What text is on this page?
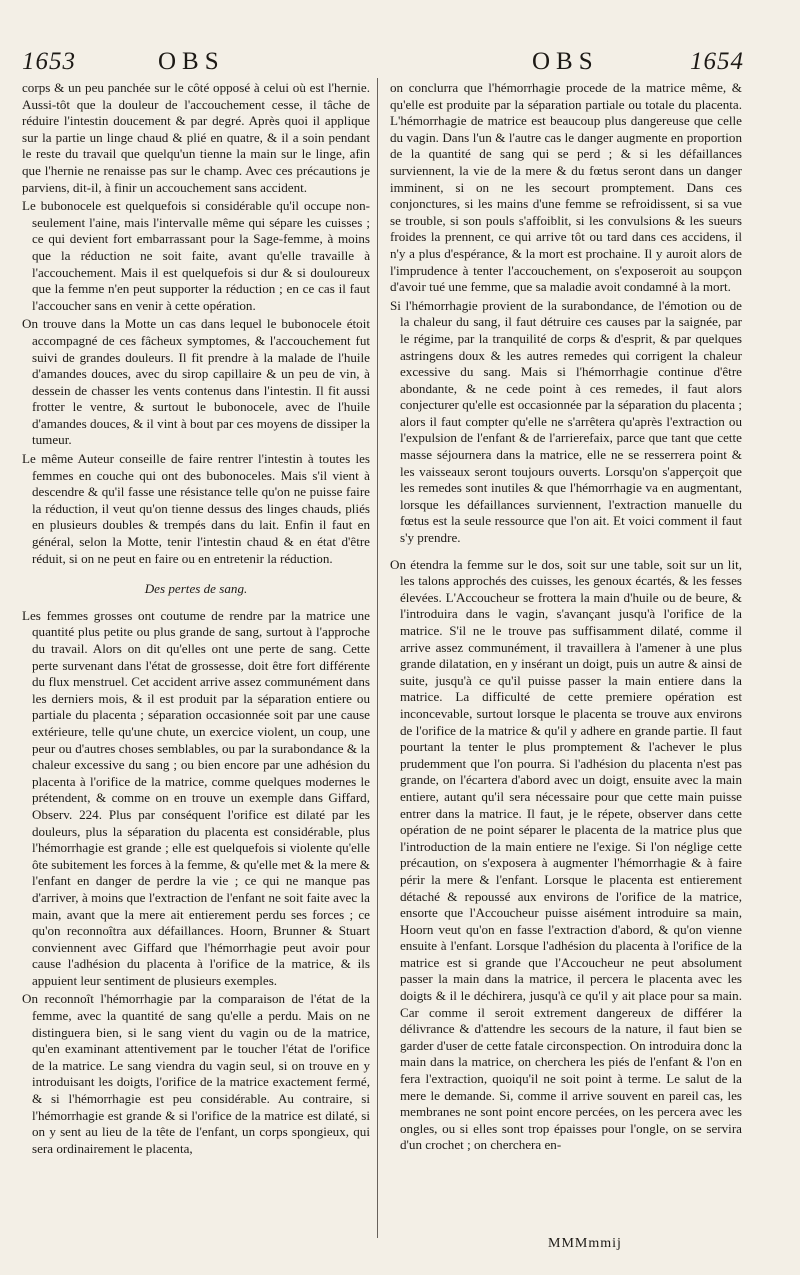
1653	OBS	OBS	1654

corps & un peu panchée sur le côté opposé à celui où est l'hernie. Aussi-tôt que la douleur de l'accouchement cesse, il tâche de réduire l'intestin doucement & par degré. Après quoi il applique sur la partie un linge chaud & plié en quatre, & il a soin pendant le reste du travail que quelqu'un tienne la main sur le linge, afin que l'hernie ne renaisse pas sur le champ. Avec ces précautions je parviens, dit-il, à finir un accouchement sans accident.

Le bubonocele est quelquefois si considérable qu'il occupe non-seulement l'aine, mais l'intervalle même qui sépare les cuisses ; ce qui devient fort embarrassant pour la Sage-femme, à moins que la réduction ne soit faite, avant qu'elle travaille à l'accouchement. Mais il est quelquefois si dur & si douloureux que la femme n'en peut supporter la réduction ; en ce cas il faut l'accoucher sans en venir à cette opération.

On trouve dans la Motte un cas dans lequel le bubonocele étoit accompagné de ces fâcheux symptomes, & l'accouchement fut suivi de grandes douleurs. Il fit prendre à la malade de l'huile d'amandes douces, avec du sirop capillaire & un peu de vin, à dessein de chasser les vents contenus dans l'intestin. Il fit aussi frotter le ventre, & surtout le bubonocele, avec de l'huile d'amandes douces, & il vint à bout par ces moyens de dissiper la tumeur.

Le même Auteur conseille de faire rentrer l'intestin à toutes les femmes en couche qui ont des bubonoceles. Mais s'il vient à descendre & qu'il fasse une résistance telle qu'on ne puisse faire la réduction, il veut qu'on tienne dessus des linges chauds, pliés en plusieurs doubles & trempés dans du lait. Enfin il faut en général, selon la Motte, tenir l'intestin chaud & en état d'être réduit, si on ne peut en faire ou en entretenir la réduction.

Des pertes de sang.

Les femmes grosses ont coutume de rendre par la matrice une quantité plus petite ou plus grande de sang, surtout à l'approche du travail. Alors on dit qu'elles ont une perte de sang. Cette perte survenant dans l'état de grossesse, doit être fort différente du flux menstruel. Cet accident arrive assez communément dans les derniers mois, & il est produit par la séparation entiere ou partiale du placenta ; séparation occasionnée soit par une cause extérieure, telle qu'une chute, un exercice violent, un coup, une peur ou d'autres choses semblables, ou par la surabondance & la chaleur excessive du sang ; ou bien encore par une adhésion du placenta à l'orifice de la matrice, comme quelques modernes le prétendent, & comme on en trouve un exemple dans Giffard, Observ. 224. Plus par conséquent l'orifice est dilaté par les douleurs, plus la séparation du placenta est considérable, plus l'hémorrhagie est grande ; elle est quelquefois si violente qu'elle ôte subitement les forces à la femme, & qu'elle met & la mere & l'enfant en danger de perdre la vie ; ce qui ne manque pas d'arriver, à moins que l'extraction de l'enfant ne soit faite avec la main, avant que la mere ait entierement perdu ses forces ; ce qu'on reconnoîtra aux défaillances. Hoorn, Brunner & Stuart conviennent avec Giffard que l'hémorrhagie peut avoir pour cause l'adhésion du placenta à l'orifice de la matrice, & ils appuient leur sentiment de plusieurs exemples.

On reconnoît l'hémorrhagie par la comparaison de l'état de la femme, avec la quantité de sang qu'elle a perdu. Mais on ne distinguera bien, si le sang vient du vagin ou de la matrice, qu'en examinant attentivement par le toucher l'état de l'orifice de la matrice. Le sang viendra du vagin seul, si on trouve en y introduisant les doigts, l'orifice de la matrice exactement fermé, & si l'hémorrhagie est peu considérable. Au contraire, si l'hémorrhagie est grande & si l'orifice de la matrice est dilaté, si on y sent au lieu de la tête de l'enfant, un corps spongieux, qui sera ordinairement le placenta,

on conclurra que l'hémorrhagie procede de la matrice même, & qu'elle est produite par la séparation partiale ou totale du placenta. L'hémorrhagie de matrice est beaucoup plus dangereuse que celle du vagin. Dans l'un & l'autre cas le danger augmente en proportion de la quantité de sang qui se perd ; & si les défaillances surviennent, la vie de la mere & du fœtus seront dans un danger imminent, si on ne les secourt promptement. Dans ces conjonctures, si les mains d'une femme se refroidissent, si sa vue se trouble, si son pouls s'affoiblit, si les convulsions & les sueurs froides la prennent, ce qui arrive tôt ou tard dans ces accidens, il n'y a plus d'espérance, & la mort est prochaine. Il y auroit alors de l'imprudence à tenter l'accouchement, on s'exposeroit au soupçon d'avoir tué une femme, que sa maladie avoit condamné à la mort.

Si l'hémorrhagie provient de la surabondance, de l'émotion ou de la chaleur du sang, il faut détruire ces causes par la saignée, par le régime, par la tranquilité de corps & d'esprit, & par quelques astringens doux & les autres remedes qui corrigent la chaleur excessive du sang. Mais si l'hémorrhagie continue d'être abondante, & ne cede point à ces remedes, il faut alors conjecturer qu'elle est occasionnée par la séparation du placenta ; alors il faut compter qu'elle ne s'arrêtera qu'après l'extraction ou l'expulsion de l'enfant & de l'arrierefaix, parce que tant que cette masse séjournera dans la matrice, elle ne se resserrera point & les vaisseaux seront toujours ouverts. Lorsqu'on s'apperçoit que les remedes sont inutiles & que l'hémorrhagie va en augmentant, lorsque les défaillances surviennent, l'extraction manuelle du fœtus est la seule ressource que l'on ait. Et voici comment il faut s'y prendre.

On étendra la femme sur le dos, soit sur une table, soit sur un lit, les talons approchés des cuisses, les genoux écartés, & les fesses élevées. L'Accoucheur se frottera la main d'huile ou de beure, & l'introduira dans le vagin, s'avançant jusqu'à l'orifice de la matrice. S'il ne le trouve pas suffisamment dilaté, comme il arrive assez communément, il travaillera à l'amener à une plus grande dilatation, en y insérant un doigt, puis un autre & ainsi de suite, jusqu'à ce qu'il puisse passer la main entiere dans la matrice. La difficulté de cette premiere opération est inconcevable, surtout lorsque le placenta se trouve aux environs de l'orifice de la matrice & qu'il y adhere en grande partie. Il faut pourtant la tenter le plus promptement & l'achever le plus prudemment que l'on pourra. Si l'adhésion du placenta n'est pas grande, on l'écartera d'abord avec un doigt, ensuite avec la main entiere, autant qu'il sera nécessaire pour que cette main puisse entrer dans la matrice. Il faut, je le répete, observer dans cette opération de ne point séparer le placenta de la matrice plus que l'introduction de la main entiere ne l'exige. Si l'on néglige cette précaution, on s'exposera à augmenter l'hémorrhagie & à faire périr la mere & l'enfant. Lorsque le placenta est entierement détaché & repoussé aux environs de l'orifice de la matrice, ensorte que l'Accoucheur puisse aisément introduire sa main, Hoorn veut qu'on en fasse l'extraction d'abord, & qu'on vienne ensuite à l'enfant. Lorsque l'adhésion du placenta à l'orifice de la matrice est si grande que l'Accoucheur ne peut absolument passer la main dans la matrice, il percera le placenta avec les doigts & il le déchirera, jusqu'à ce qu'il y ait place pour sa main. Car comme il seroit extrement dangereux de différer la délivrance & d'attendre les secours de la nature, il faut bien se garder d'user de cette fatale circonspection. On introduira donc la main dans la matrice, on cherchera les piés de l'enfant & l'on en fera l'extraction, quoiqu'il ne soit point à terme. Le salut de la mere le demande. Si, comme il arrive souvent en pareil cas, les membranes ne sont point encore percées, on les percera avec les ongles, ou si elles sont trop épaisses pour l'ongle, on se servira d'un crochet ; on cherchera en-

MMMmmij
